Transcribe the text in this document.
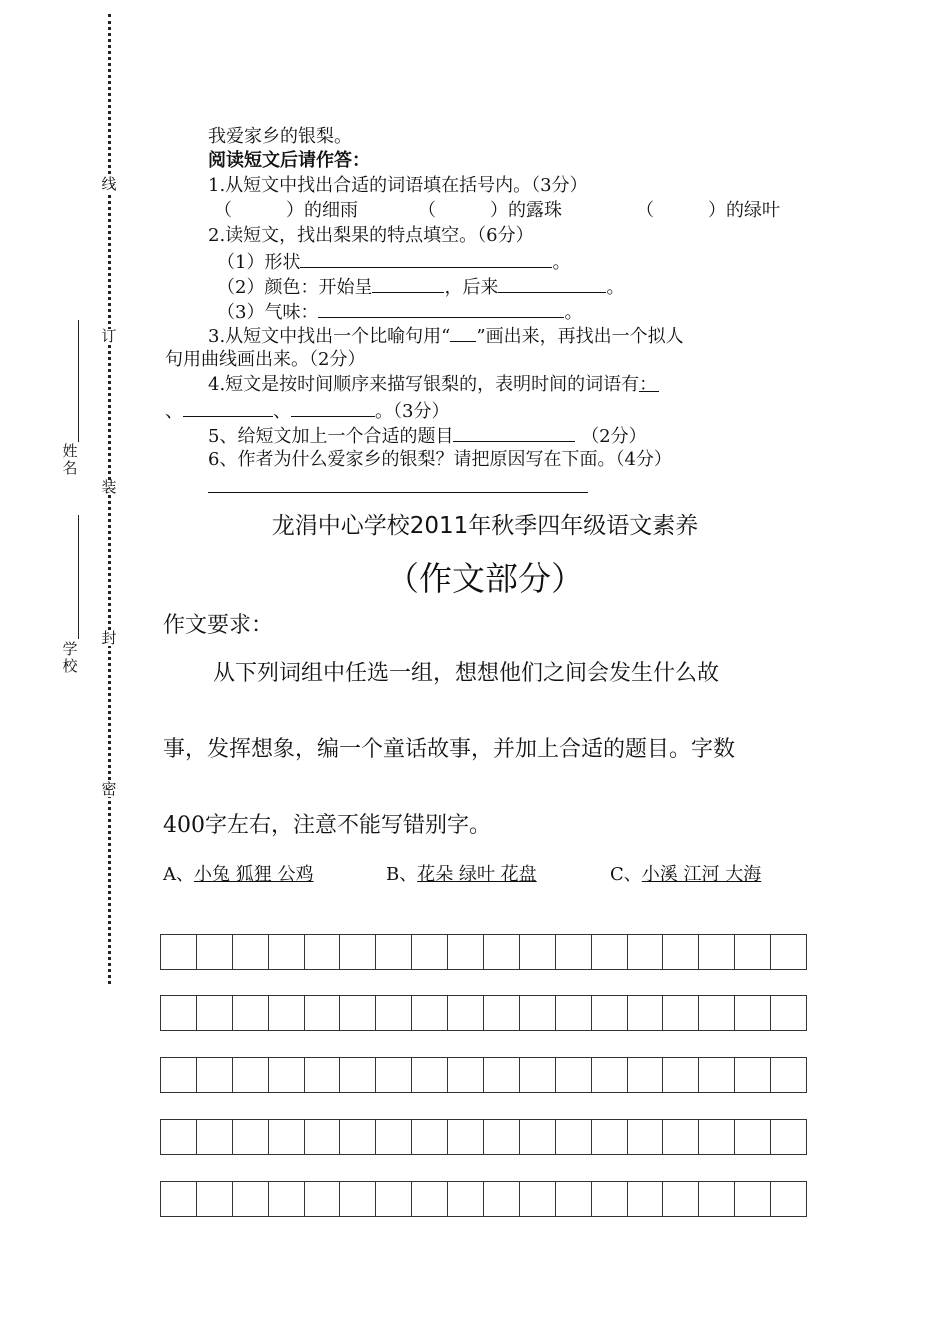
线
订
装
封
密
姓名
学校
我爱家乡的银梨。
阅读短文后请作答：
1.从短文中找出合适的词语填在括号内。（3分）
（　　　）的细雨	（　　　）的露珠	（　　　）的绿叶
2.读短文，找出梨果的特点填空。（6分）
（1）形状	。
（2）颜色：开始呈	，后来	。
（3）气味：	。
3.从短文中找出一个比喻句用“ ”画出来，再找出一个拟人
句用曲线画出来。（2分）
4.短文是按时间顺序来描写银梨的，表明时间的词语有：
、	、	。（3分）
5、给短文加上一个合适的题目	（2分）
6、作者为什么爱家乡的银梨？请把原因写在下面。（4分）
龙涓中心学校2011年秋季四年级语文素养
（作文部分）
作文要求：
从下列词组中任选一组，想想他们之间会发生什么故
事，发挥想象，编一个童话故事，并加上合适的题目。字数
400字左右，注意不能写错别字。
A、小兔 狐狸 公鸡	B、花朵 绿叶 花盘	C、小溪 江河 大海
